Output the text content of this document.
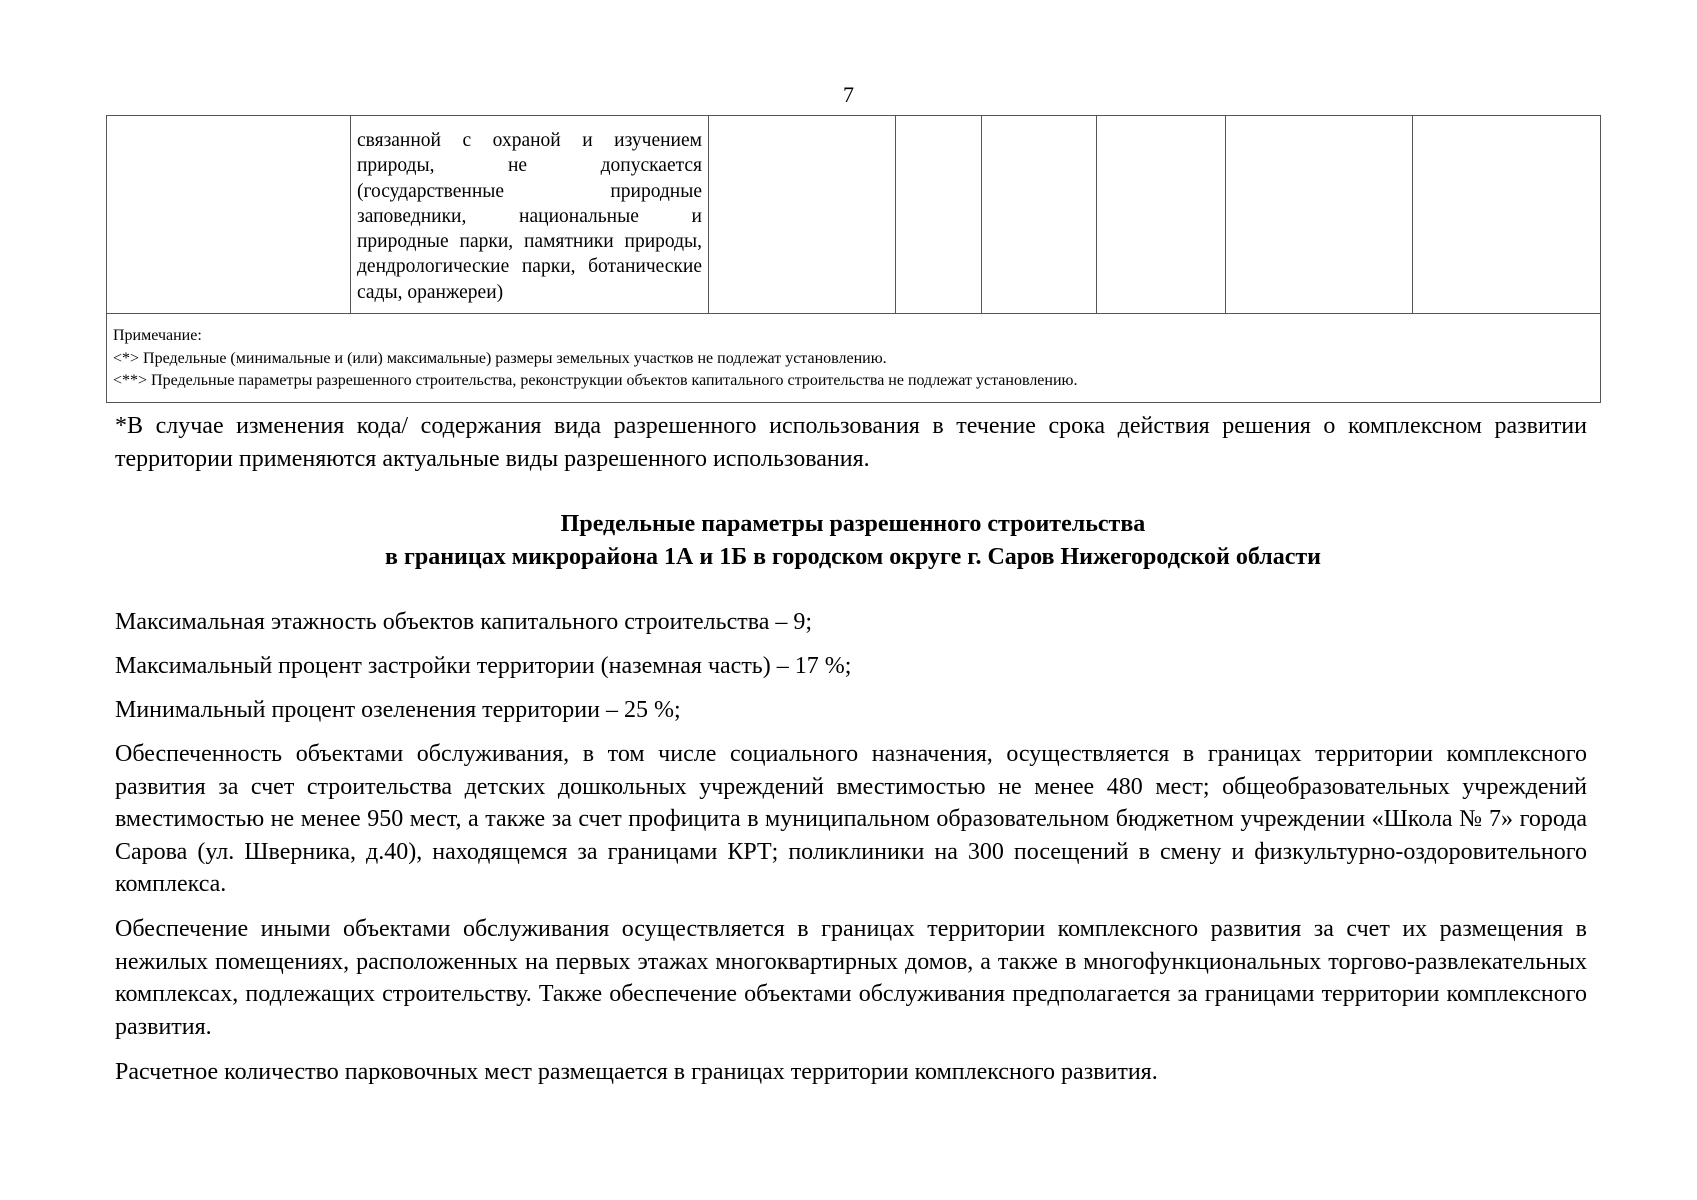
7
	связанной с охраной и изучением природы, не допускается (государственные природные заповедники, национальные и природные парки, памятники природы, дендрологические парки, ботанические сады, оранжереи)						

Примечание:
<*> Предельные (минимальные и (или) максимальные) размеры земельных участков не подлежат установлению.
<**> Предельные параметры разрешенного строительства, реконструкции объектов капитального строительства не подлежат установлению.
*В случае изменения кода/ содержания вида разрешенного использования в течение срока действия решения о комплексном развитии территории применяются актуальные виды разрешенного использования.
Предельные параметры разрешенного строительства
в границах микрорайона 1А и 1Б в городском округе г. Саров Нижегородской области
Максимальная этажность объектов капитального строительства – 9;
Максимальный процент застройки территории (наземная часть) – 17 %;
Минимальный процент озеленения территории – 25 %;
Обеспеченность объектами обслуживания, в том числе социального назначения, осуществляется в границах территории комплексного развития за счет строительства детских дошкольных учреждений вместимостью не менее 480 мест; общеобразовательных учреждений вместимостью не менее 950 мест, а также за счет профицита в муниципальном образовательном бюджетном учреждении «Школа № 7» города Сарова (ул. Шверника, д.40), находящемся за границами КРТ; поликлиники на 300 посещений в смену и физкультурно-оздоровительного комплекса.
Обеспечение иными объектами обслуживания осуществляется в границах территории комплексного развития за счет их размещения в нежилых помещениях, расположенных на первых этажах многоквартирных домов, а также в многофункциональных торгово-развлекательных комплексах, подлежащих строительству. Также обеспечение объектами обслуживания предполагается за границами территории комплексного развития.
Расчетное количество парковочных мест размещается в границах территории комплексного развития.
